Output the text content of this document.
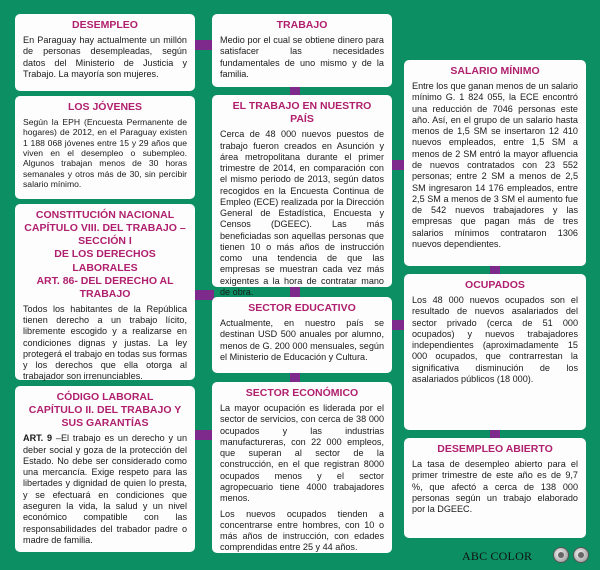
DESEMPLEO
En Paraguay hay actualmente un millón de personas desempleadas, según datos del Ministerio de Justicia y Trabajo. La mayoría son mujeres.
LOS JÓVENES
Según la EPH (Encuesta Permanente de hogares) de 2012, en el Paraguay existen 1 188 068 jóvenes entre 15 y 29 años que viven en el desempleo o subempleo. Algunos trabajan menos de 30 horas semanales y otros más de 30, sin percibir salario mínimo.
CONSTITUCIÓN NACIONAL
CAPÍTULO VIII. DEL TRABAJO – SECCIÓN I
DE LOS DERECHOS LABORALES
ART. 86- DEL DERECHO AL TRABAJO
Todos los habitantes de la República tienen derecho a un trabajo lícito, libremente escogido y a realizarse en condiciones dignas y justas. La ley protegerá el trabajo en todas sus formas y los derechos que ella otorga al trabajador son irrenunciables.
CÓDIGO LABORAL
CAPÍTULO II. DEL TRABAJO Y SUS GARANTÍAS
ART. 9 –El trabajo es un derecho y un deber social y goza de la protección del Estado. No debe ser considerado como una mercancía. Exige respeto para las libertades y dignidad de quien lo presta, y se efectuará en condiciones que aseguren la vida, la salud y un nivel económico compatible con las responsabilidades del trabador padre o madre de familia.
TRABAJO
Medio por el cual se obtiene dinero para satisfacer las necesidades fundamentales de uno mismo y de la familia.
EL TRABAJO EN NUESTRO PAÍS
Cerca de 48 000 nuevos puestos de trabajo fueron creados en Asunción y área metropolitana durante el primer trimestre de 2014, en comparación con el mismo periodo de 2013, según datos recogidos en la Encuesta Continua de Empleo (ECE) realizada por la Dirección General de Estadística, Encuesta y Censos (DGEEC). Las más beneficiadas son aquellas personas que tienen 10 o más años de instrucción como una tendencia de que las empresas se muestran cada vez más exigentes a la hora de contratar mano de obra.
SECTOR EDUCATIVO
Actualmente, en nuestro país se destinan USD 500 anuales por alumno, menos de G. 200 000 mensuales, según el Ministerio de Educación y Cultura.
SECTOR ECONÓMICO
La mayor ocupación es liderada por el sector de servicios, con cerca de 38 000 ocupados y las industrias manufactureras, con 22 000 empleos, que superan al sector de la construcción, en el que registran 8000 ocupados menos y el sector agropecuario tiene 4000 trabajadores menos.
Los nuevos ocupados tienden a concentrarse entre hombres, con 10 o más años de instrucción, con edades comprendidas entre 25 y 44 años.
SALARIO MÍNIMO
Entre los que ganan menos de un salario mínimo G. 1 824 055, la ECE encontró una reducción de 7046 personas este año. Así, en el grupo de un salario hasta menos de 1,5 SM se insertaron 12 410 nuevos empleados, entre 1,5 SM a menos de 2 SM entró la mayor afluencia de nuevos contratados con 23 552 personas; entre 2 SM a menos de 2,5 SM ingresaron 14 176 empleados, entre 2,5 SM a menos de 3 SM el aumento fue de 542 nuevos trabajadores y las empresas que pagan más de tres salarios mínimos contrataron 1306 nuevos dependientes.
OCUPADOS
Los 48 000 nuevos ocupados son el resultado de nuevos asalariados del sector privado (cerca de 51 000 ocupados) y nuevos trabajadores independientes (aproximadamente 15 000 ocupados, que contrarrestan la significativa disminución de los asalariados públicos (18 000).
DESEMPLEO ABIERTO
La tasa de desempleo abierto para el primer trimestre de este año es de 9,7 %, que afectó a cerca de 138 000 personas según un trabajo elaborado por la DGEEC.
ABC COLOR
